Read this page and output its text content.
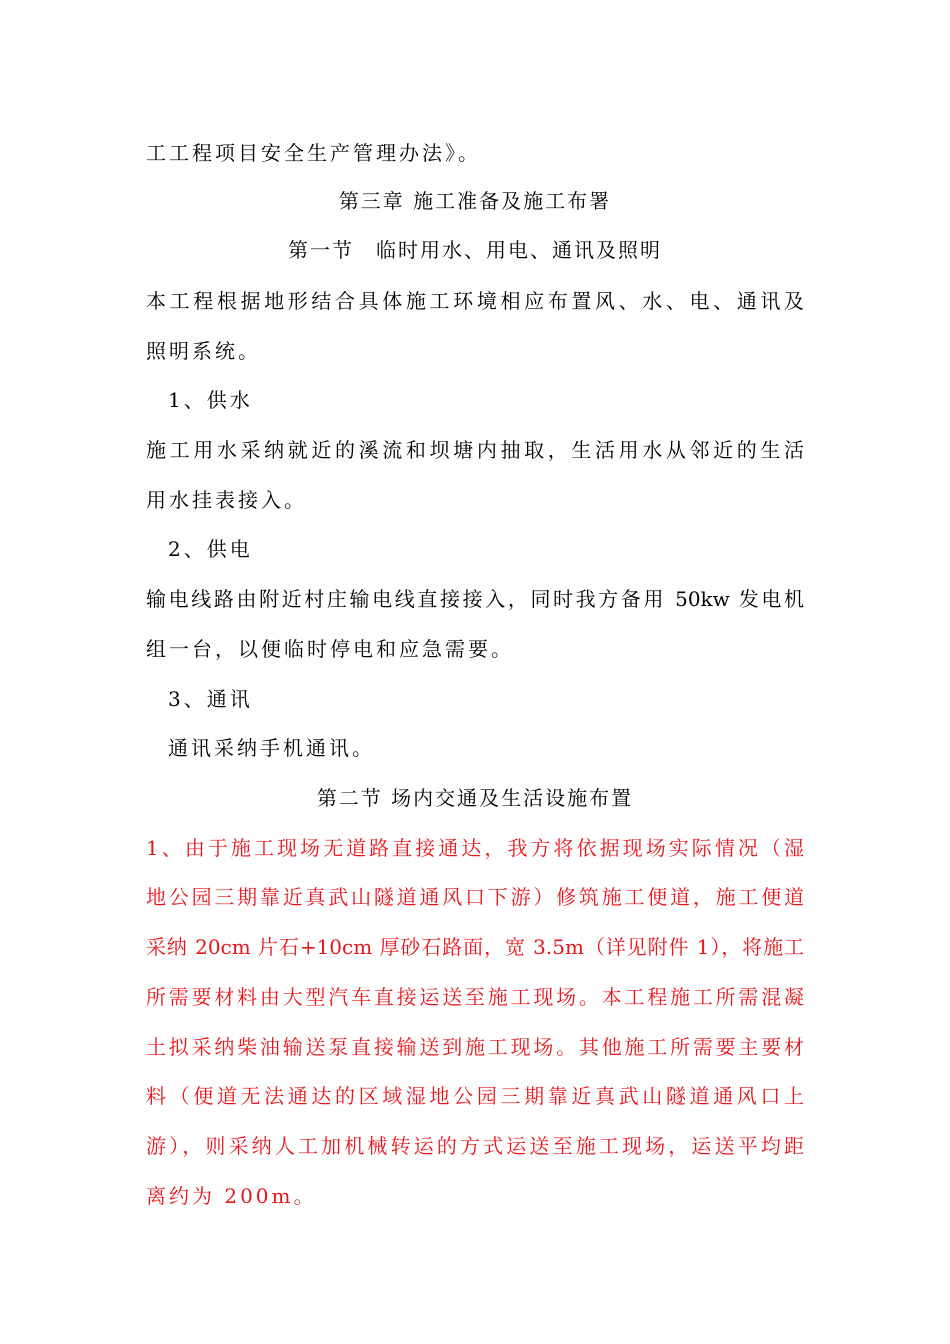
工工程项目安全生产管理办法》。
第三章 施工准备及施工布署
第一节　临时用水、用电、通讯及照明
本工程根据地形结合具体施工环境相应布置风、水、电、通讯及
照明系统。
1、供水
施工用水采纳就近的溪流和坝塘内抽取，生活用水从邻近的生活
用水挂表接入。
2、供电
输电线路由附近村庄输电线直接接入，同时我方备用 50kw 发电机
组一台，以便临时停电和应急需要。
3、通讯
通讯采纳手机通讯。
第二节 场内交通及生活设施布置
1、由于施工现场无道路直接通达，我方将依据现场实际情况（湿
地公园三期靠近真武山隧道通风口下游）修筑施工便道，施工便道
采纳 20cm 片石+10cm 厚砂石路面，宽 3.5m（详见附件 1），将施工
所需要材料由大型汽车直接运送至施工现场。本工程施工所需混凝
土拟采纳柴油输送泵直接输送到施工现场。其他施工所需要主要材
料（便道无法通达的区域湿地公园三期靠近真武山隧道通风口上
游），则采纳人工加机械转运的方式运送至施工现场，运送平均距
离约为 200m。
